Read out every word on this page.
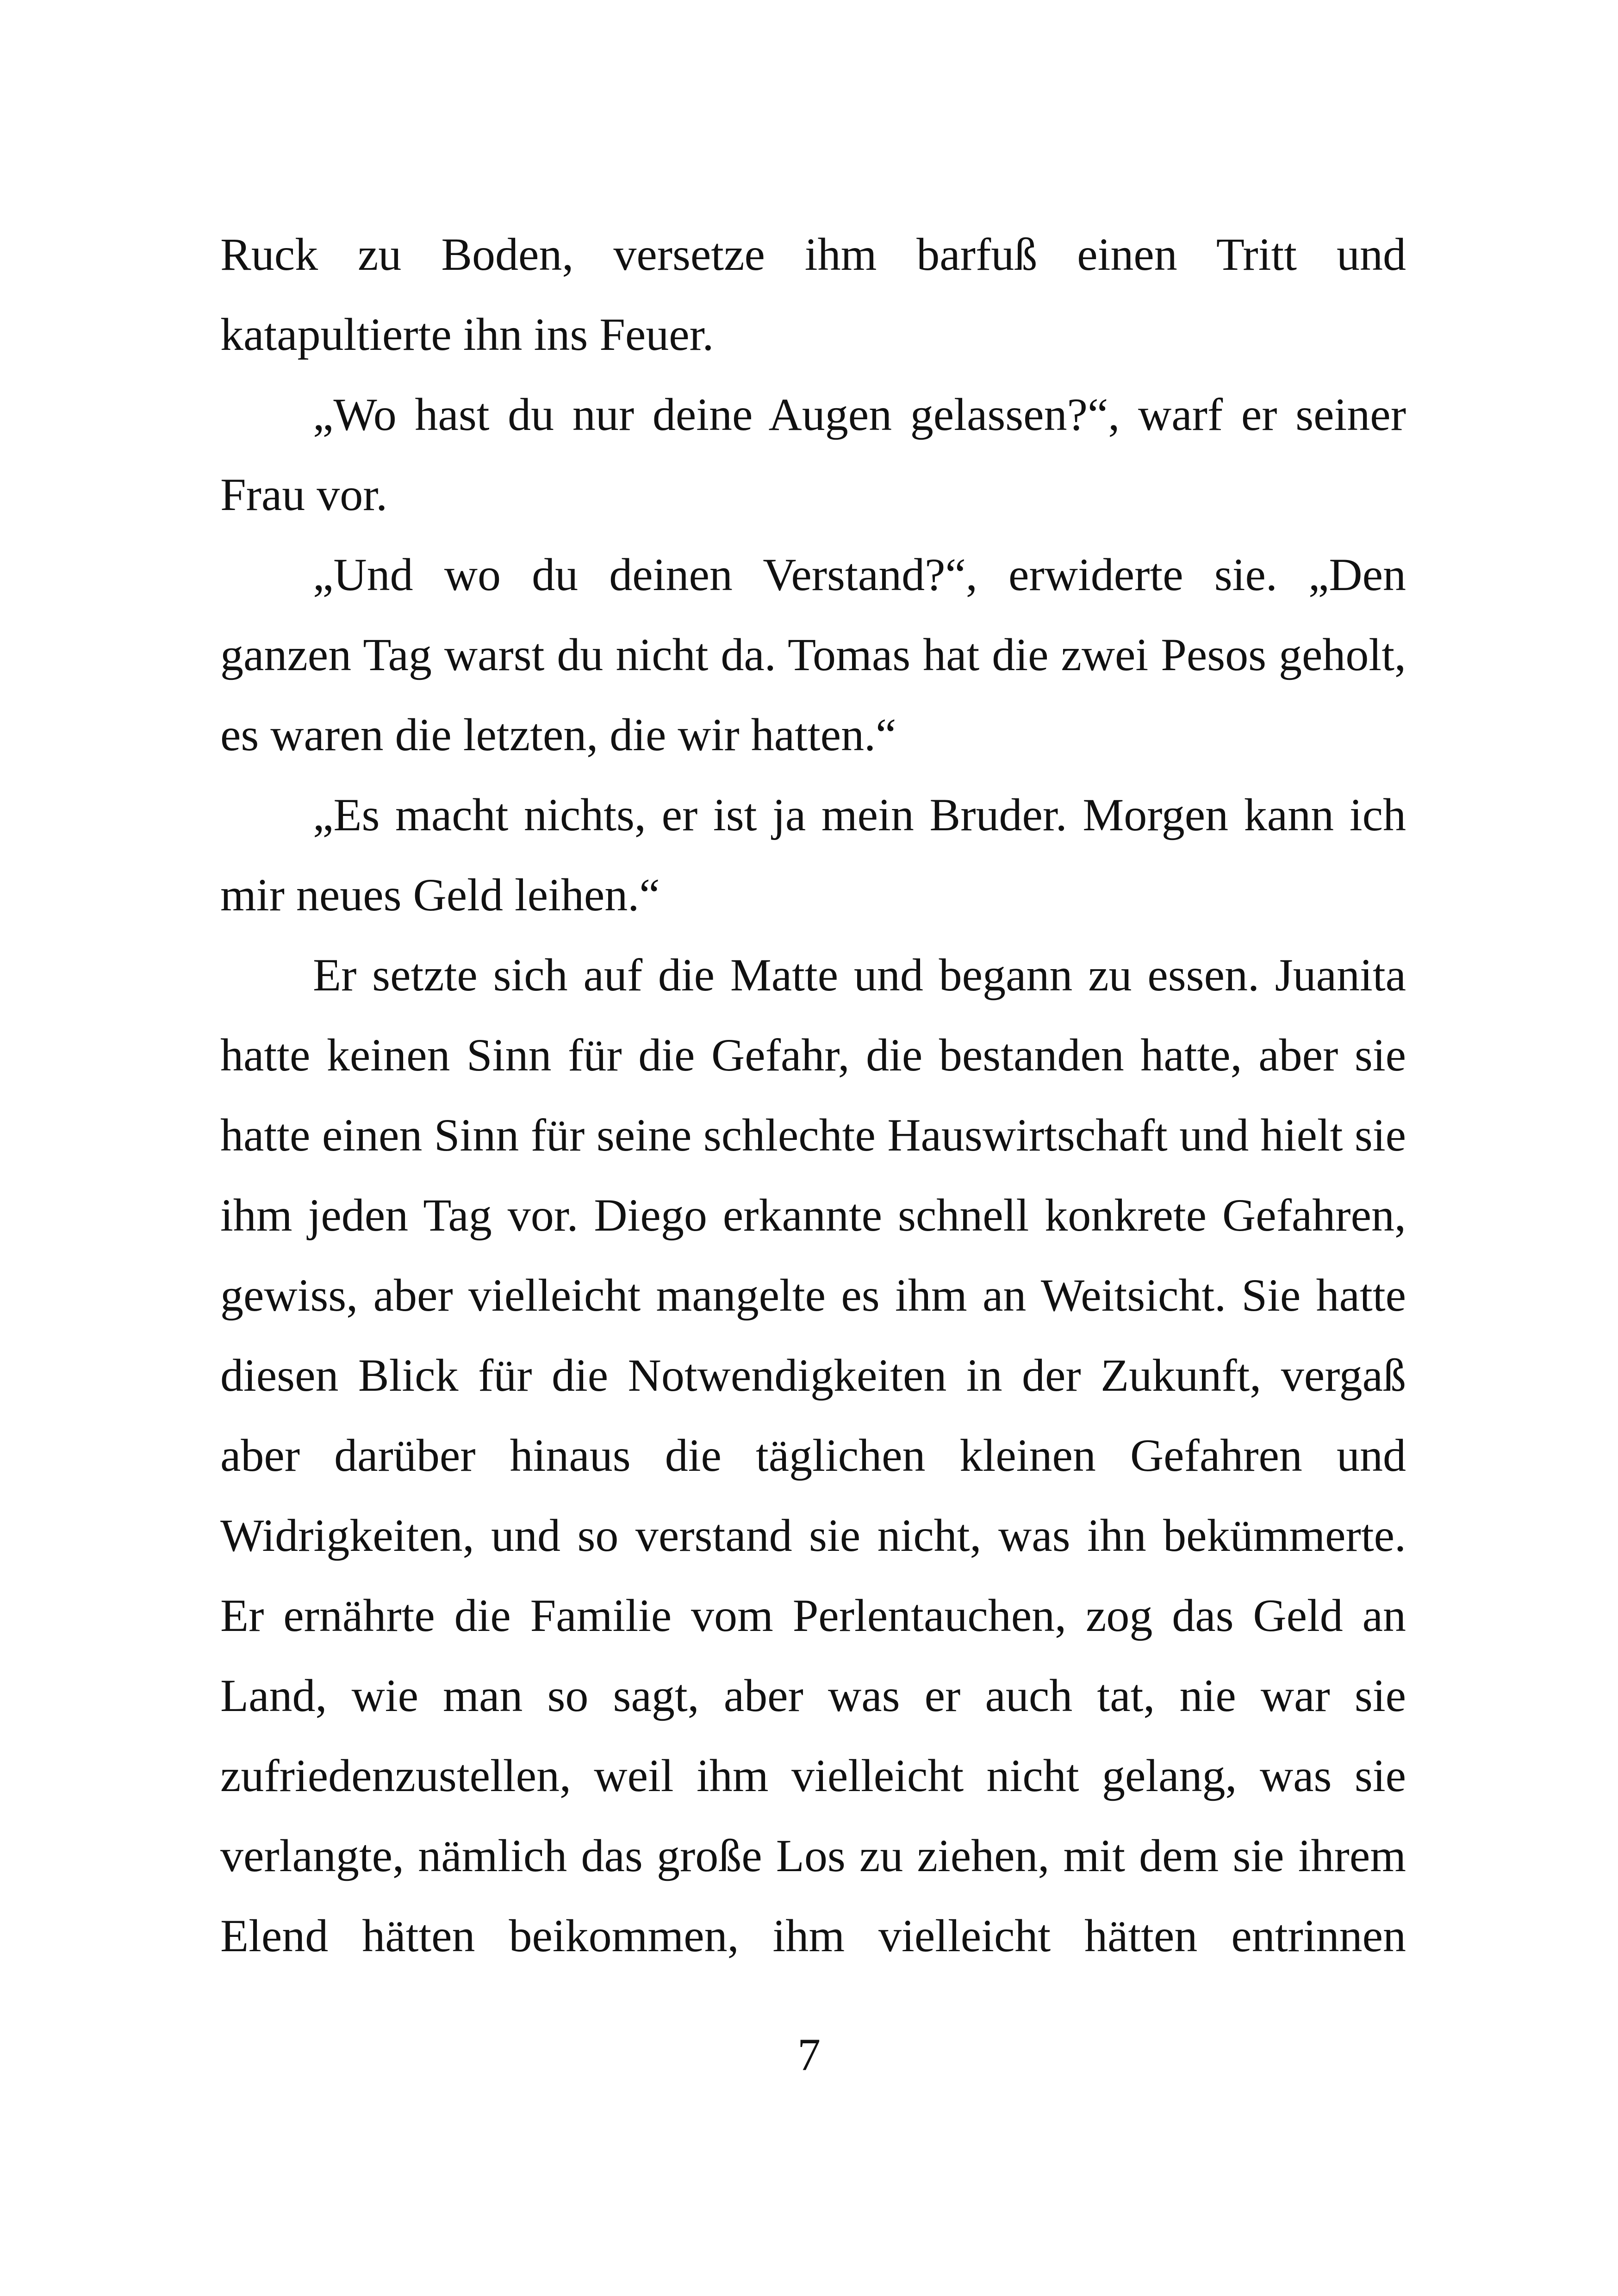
Ruck zu Boden, versetze ihm barfuß einen Tritt und katapultierte ihn ins Feuer.

„Wo hast du nur deine Augen gelassen?“, warf er seiner Frau vor.

„Und wo du deinen Verstand?“, erwiderte sie. „Den ganzen Tag warst du nicht da. Tomas hat die zwei Pesos geholt, es waren die letzten, die wir hatten.“

„Es macht nichts, er ist ja mein Bruder. Morgen kann ich mir neues Geld leihen.“

Er setzte sich auf die Matte und begann zu essen. Juanita hatte keinen Sinn für die Gefahr, die bestanden hatte, aber sie hatte einen Sinn für seine schlechte Hauswirtschaft und hielt sie ihm jeden Tag vor. Diego erkannte schnell konkrete Gefahren, gewiss, aber vielleicht mangelte es ihm an Weitsicht. Sie hatte diesen Blick für die Notwendigkeiten in der Zukunft, vergaß aber darüber hinaus die täglichen kleinen Gefahren und Widrigkeiten, und so verstand sie nicht, was ihn bekümmerte. Er ernährte die Familie vom Perlentauchen, zog das Geld an Land, wie man so sagt, aber was er auch tat, nie war sie zufriedenzustellen, weil ihm vielleicht nicht gelang, was sie verlangte, nämlich das große Los zu ziehen, mit dem sie ihrem Elend hätten beikommen, ihm vielleicht hätten entrinnen

7
